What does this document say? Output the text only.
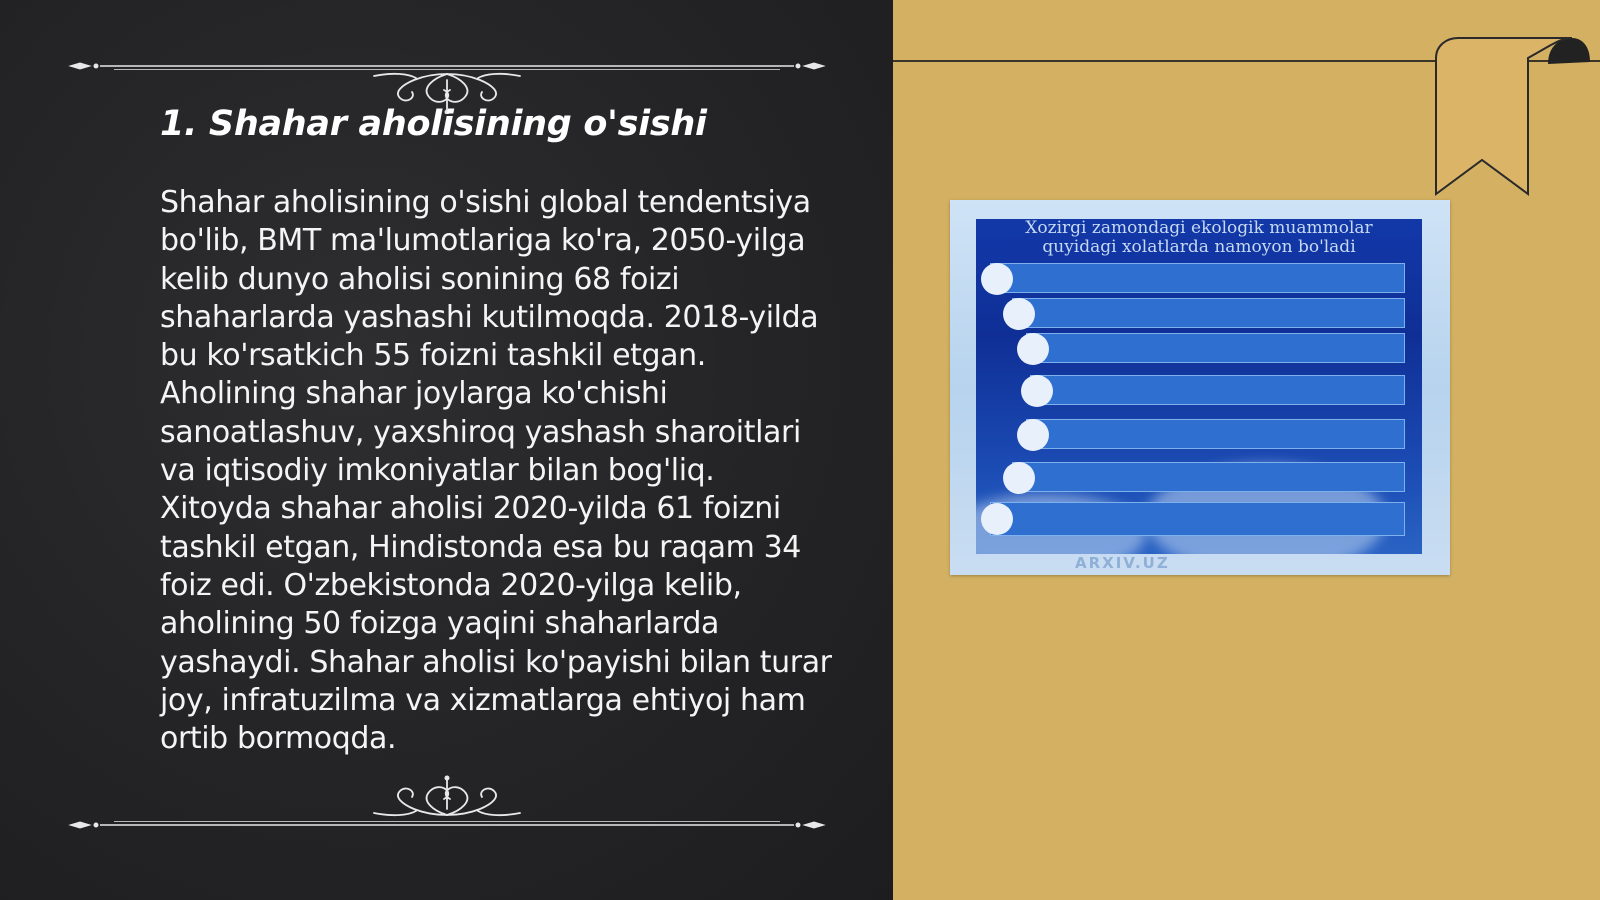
1. Shahar aholisining o'sishi

Shahar aholisining o'sishi global tendentsiya bo'lib, BMT ma'lumotlariga ko'ra, 2050-yilga kelib dunyo aholisi sonining 68 foizi shaharlarda yashashi kutilmoqda. 2018-yilda bu ko'rsatkich 55 foizni tashkil etgan. Aholining shahar joylarga ko'chishi sanoatlashuv, yaxshiroq yashash sharoitlari va iqtisodiy imkoniyatlar bilan bog'liq. Xitoyda shahar aholisi 2020-yilda 61 foizni tashkil etgan, Hindistonda esa bu raqam 34 foiz edi. O'zbekistonda 2020-yilga kelib, aholining 50 foizga yaqini shaharlarda yashaydi. Shahar aholisi ko'payishi bilan turar joy, infratuzilma va xizmatlarga ehtiyoj ham ortib bormoqda.

Xozirgi zamondagi ekologik muammolar
quyidagi xolatlarda namoyon bo'ladi
ARXIV.UZ
